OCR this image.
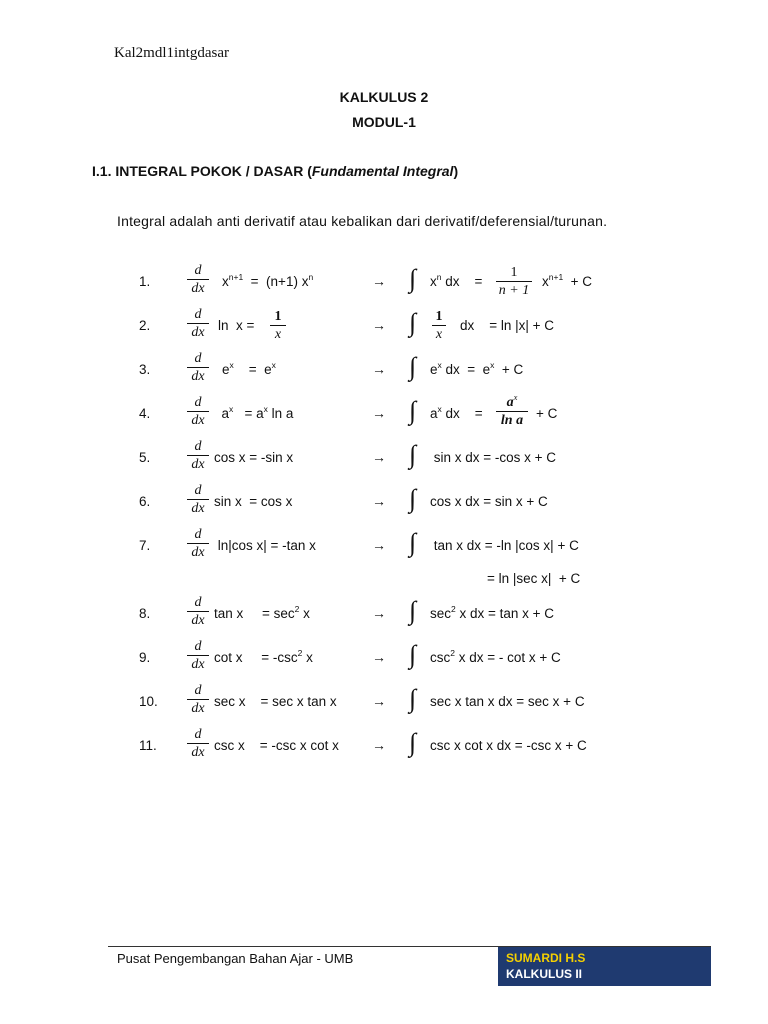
Kal2mdl1intgdasar
KALKULUS 2
MODUL-1
I.1. INTEGRAL POKOK / DASAR (Fundamental Integral)
Integral adalah anti derivatif atau kebalikan dari derivatif/deferensial/turunan.
1.	$\frac{d}{dx} x^{n+1} = (n+1)$ $x^n$	→ ∫ $x^n$ dx    = $\frac{1}{n + 1} x^{n+1} + C$
2.	$\frac{d}{dx}$ $\ln x = \frac{1}{x}$	→ ∫ $\frac{1}{x}$ dx    = ln |x| + C
3.	$\frac{d}{dx} e^x$    =  $e^x$	→ ∫ $e^x$ dx  =  $e^x + C$
4.	$\frac{d}{dx} a^x = a^x$ ln a	→ ∫ $a^x$ dx    = $\frac{a^x}{\text{ln a}} + C$
5.	$\frac{d}{dx}$ cos x = -sin x	→ ∫ sin x dx = -cos x + C
6.	$\frac{d}{dx}$ sin x  = cos x	→ ∫ cos x dx = sin x + C
7.	$\frac{d}{dx} \ln|\cos$ x| = -tan x	→ ∫ tan x dx = -ln |cos x| + C
= ln |sec x|  + C
8.	$\frac{d}{dx}$ tan x     = $\sec^2 x$	→ ∫ $\sec^2 x$ dx = tan x + C
9.	$\frac{d}{dx}$ cot x     = $-\csc^2$ x	→ ∫ $\csc^2 x$ dx = - cot x + C
10. $\frac{d}{dx}$ sec x    = sec x tan x	→ ∫ sec x tan x dx = sec x + C
11. $\frac{d}{dx}$ csc x    = -csc x cot x → ∫ csc x cot x dx = -csc x + C
Pusat Pengembangan Bahan Ajar - UMB	SUMARDI H.S
KALKULUS II
